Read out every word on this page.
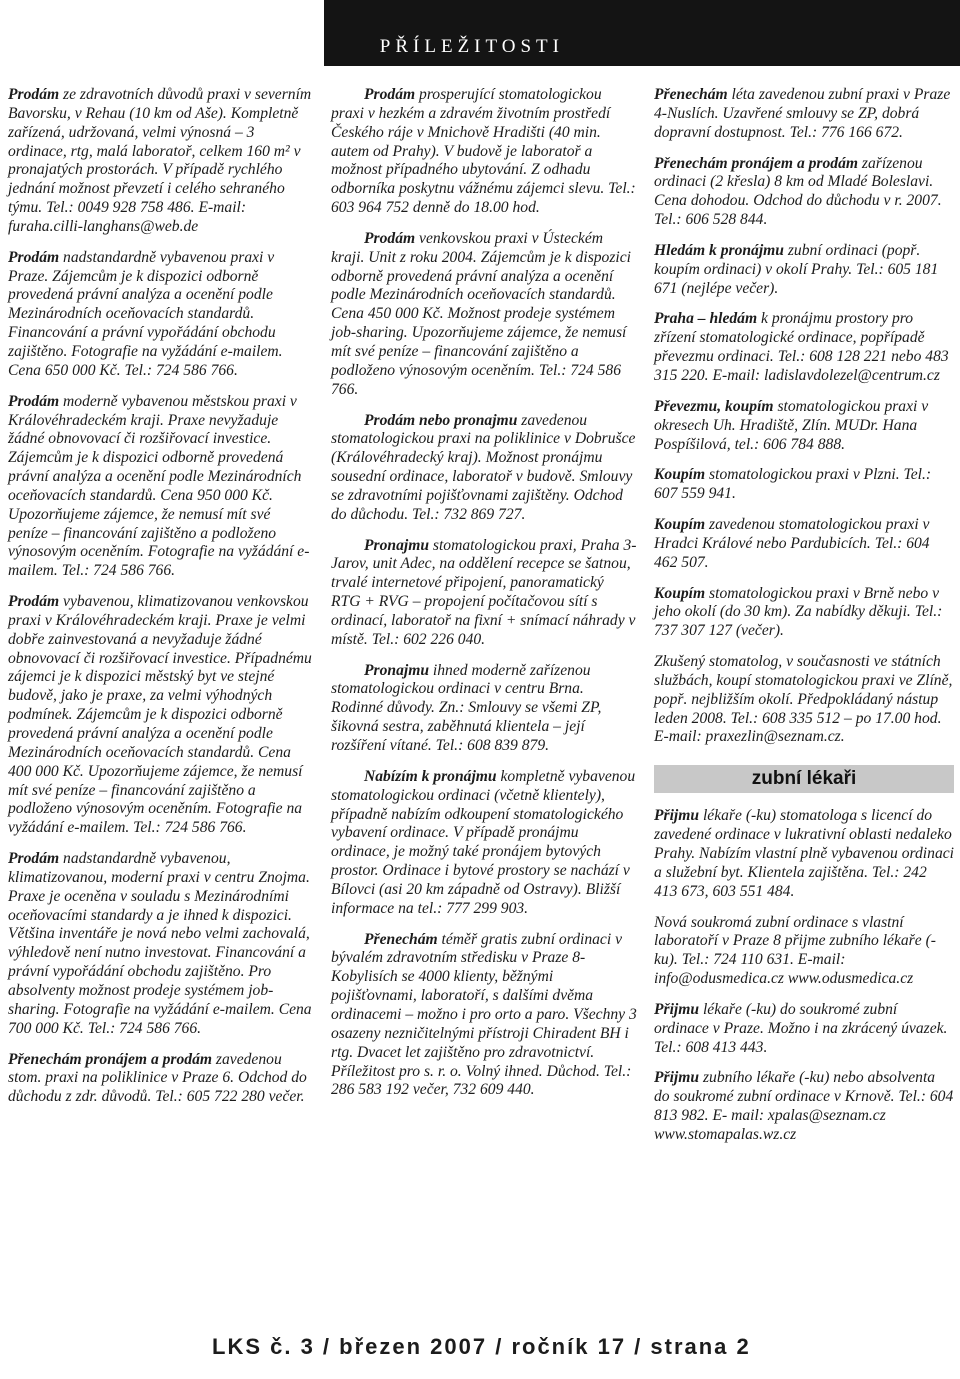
PŘÍLEŽITOSTI

Prodám ze zdravotních důvodů praxi v severním Bavorsku, v Rehau (10 km od Aše). Kompletně zařízená, udržovaná, velmi výnosná – 3 ordinace, rtg, malá laboratoř, celkem 160 m² v pronajatých prostorách. V případě rychlého jednání možnost převzetí i celého sehraného týmu. Tel.: 0049 928 758 486. E-mail: furaha.cilli-langhans@web.de

Prodám nadstandardně vybavenou praxi v Praze. Zájemcům je k dispozici odborně provedená právní analýza a ocenění podle Mezinárodních oceňovacích standardů. Financování a právní vypořádání obchodu zajištěno. Fotografie na vyžádání e-mailem. Cena 650 000 Kč. Tel.: 724 586 766.

Prodám moderně vybavenou městskou praxi v Královéhradeckém kraji. Praxe nevyžaduje žádné obnovovací či rozšiřovací investice. Zájemcům je k dispozici odborně provedená právní analýza a ocenění podle Mezinárodních oceňovacích standardů. Cena 950 000 Kč. Upozorňujeme zájemce, že nemusí mít své peníze – financování zajištěno a podloženo výnosovým oceněním. Fotografie na vyžádání e-mailem. Tel.: 724 586 766.

Prodám vybavenou, klimatizovanou venkovskou praxi v Královéhradeckém kraji. Praxe je velmi dobře zainvestovaná a nevyžaduje žádné obnovovací či rozšiřovací investice. Případnému zájemci je k dispozici městský byt ve stejné budově, jako je praxe, za velmi výhodných podmínek. Zájemcům je k dispozici odborně provedená právní analýza a ocenění podle Mezinárodních oceňovacích standardů. Cena 400 000 Kč. Upozorňujeme zájemce, že nemusí mít své peníze – financování zajištěno a podloženo výnosovým oceněním. Fotografie na vyžádání e-mailem. Tel.: 724 586 766.

Prodám nadstandardně vybavenou, klimatizovanou, moderní praxi v centru Znojma. Praxe je oceněna v souladu s Mezinárodními oceňovacími standardy a je ihned k dispozici. Většina inventáře je nová nebo velmi zachovalá, výhledově není nutno investovat. Financování a právní vypořádání obchodu zajištěno. Pro absolventy možnost prodeje systémem job-sharing. Fotografie na vyžádání e-mailem. Cena 700 000 Kč. Tel.: 724 586 766.

Přenechám pronájem a prodám zavedenou stom. praxi na poliklinice v Praze 6. Odchod do důchodu z zdr. důvodů. Tel.: 605 722 280 večer.

Prodám prosperující stomatologickou praxi v hezkém a zdravém životním prostředí Českého ráje v Mnichově Hradišti (40 min. autem od Prahy). V budově je laboratoř a možnost případného ubytování. Z odhadu odborníka poskytnu vážnému zájemci slevu. Tel.: 603 964 752 denně do 18.00 hod.

Prodám venkovskou praxi v Ústeckém kraji. Unit z roku 2004. Zájemcům je k dispozici odborně provedená právní analýza a ocenění podle Mezinárodních oceňovacích standardů. Cena 450 000 Kč. Možnost prodeje systémem job-sharing. Upozorňujeme zájemce, že nemusí mít své peníze – financování zajištěno a podloženo výnosovým oceněním. Tel.: 724 586 766.

Prodám nebo pronajmu zavedenou stomatologickou praxi na poliklinice v Dobrušce (Královéhradecký kraj). Možnost pronájmu sousední ordinace, laboratoř v budově. Smlouvy se zdravotními pojišťovnami zajištěny. Odchod do důchodu. Tel.: 732 869 727.

Pronajmu stomatologickou praxi, Praha 3-Jarov, unit Adec, na oddělení recepce se šatnou, trvalé internetové připojení, panoramatický RTG + RVG – propojení počítačovou sítí s ordinací, laboratoř na fixní + snímací náhrady v místě. Tel.: 602 226 040.

Pronajmu ihned moderně zařízenou stomatologickou ordinaci v centru Brna. Rodinné důvody. Zn.: Smlouvy se všemi ZP, šikovná sestra, zaběhnutá klientela – její rozšíření vítané. Tel.: 608 839 879.

Nabízím k pronájmu kompletně vybavenou stomatologickou ordinaci (včetně klientely), případně nabízím odkoupení stomatologického vybavení ordinace. V případě pronájmu ordinace, je možný také pronájem bytových prostor. Ordinace i bytové prostory se nachází v Bílovci (asi 20 km západně od Ostravy). Bližší informace na tel.: 777 299 903.

Přenechám téměř gratis zubní ordinaci v bývalém zdravotním středisku v Praze 8-Kobylisích se 4000 klienty, běžnými pojišťovnami, laboratoří, s dalšími dvěma ordinacemi – možno i pro orto a paro. Všechny 3 osazeny nezničitelnými přístroji Chiradent BH i rtg. Dvacet let zajištěno pro zdravotnictví. Příležitost pro s. r. o. Volný ihned. Důchod. Tel.: 286 583 192 večer, 732 609 440.

Přenechám léta zavedenou zubní praxi v Praze 4-Nuslích. Uzavřené smlouvy se ZP, dobrá dopravní dostupnost. Tel.: 776 166 672.

Přenechám pronájem a prodám zařízenou ordinaci (2 křesla) 8 km od Mladé Boleslavi. Cena dohodou. Odchod do důchodu v r. 2007. Tel.: 606 528 844.

Hledám k pronájmu zubní ordinaci (popř. koupím ordinaci) v okolí Prahy. Tel.: 605 181 671 (nejlépe večer).

Praha – hledám k pronájmu prostory pro zřízení stomatologické ordinace, popřípadě převezmu ordinaci. Tel.: 608 128 221 nebo 483 315 220. E-mail: ladislavdolezel@centrum.cz

Převezmu, koupím stomatologickou praxi v okresech Uh. Hradiště, Zlín. MUDr. Hana Pospíšilová, tel.: 606 784 888.

Koupím stomatologickou praxi v Plzni. Tel.: 607 559 941.

Koupím zavedenou stomatologickou praxi v Hradci Králové nebo Pardubicích. Tel.: 604 462 507.

Koupím stomatologickou praxi v Brně nebo v jeho okolí (do 30 km). Za nabídky děkuji. Tel.: 737 307 127 (večer).

Zkušený stomatolog, v současnosti ve státních službách, koupí stomatologickou praxi ve Zlíně, popř. nejbližším okolí. Předpokládaný nástup leden 2008. Tel.: 608 335 512 – po 17.00 hod. E-mail: praxezlin@seznam.cz.

zubní lékaři

Přijmu lékaře (-ku) stomatologa s licencí do zavedené ordinace v lukrativní oblasti nedaleko Prahy. Nabízím vlastní plně vybavenou ordinaci a služební byt. Klientela zajištěna. Tel.: 242 413 673, 603 551 484.

Nová soukromá zubní ordinace s vlastní laboratoří v Praze 8 přijme zubního lékaře (-ku). Tel.: 724 110 631. E-mail: info@odusmedica.cz www.odusmedica.cz

Přijmu lékaře (-ku) do soukromé zubní ordinace v Praze. Možno i na zkrácený úvazek. Tel.: 608 413 443.

Přijmu zubního lékaře (-ku) nebo absolventa do soukromé zubní ordinace v Krnově. Tel.: 604 813 982. E- mail: xpalas@seznam.cz www.stomapalas.wz.cz

LKS č. 3 / březen 2007 / ročník 17 / strana 2
